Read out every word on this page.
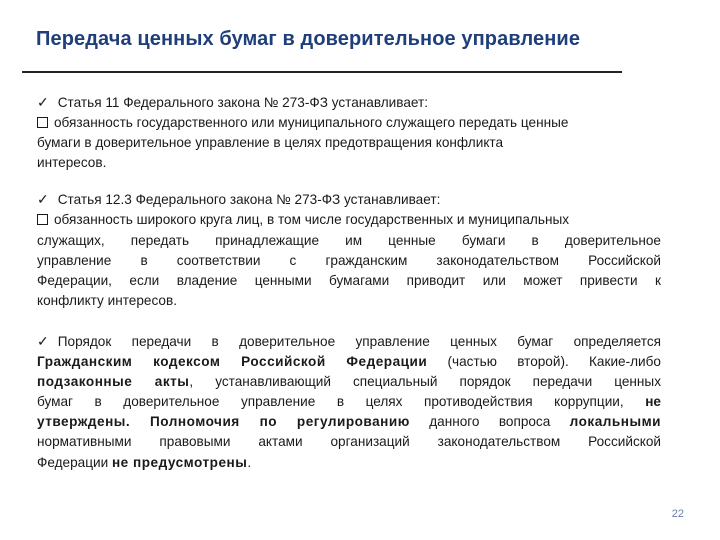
Передача ценных бумаг в доверительное управление
✓ Статья 11 Федерального закона № 273-ФЗ устанавливает:
обязанность государственного или муниципального служащего передать ценные
бумаги в доверительное управление в целях предотвращения конфликта
интересов.
✓ Статья 12.3 Федерального закона № 273-ФЗ устанавливает:
обязанность широкого круга лиц, в том числе государственных и муниципальных
служащих, передать принадлежащие им ценные бумаги в доверительное
управление в соответствии с гражданским законодательством Российской
Федерации, если владение ценными бумагами приводит или может привести к
конфликту интересов.
✓ Порядок передачи в доверительное управление ценных бумаг определяется
Гражданским кодексом Российской Федерации (частью второй). Какие-либо
подзаконные акты, устанавливающий специальный порядок передачи ценных
бумаг в доверительное управление в целях противодействия коррупции, не
утверждены. Полномочия по регулированию данного вопроса локальными
нормативными правовыми актами организаций законодательством Российской
Федерации не предусмотрены.
22
